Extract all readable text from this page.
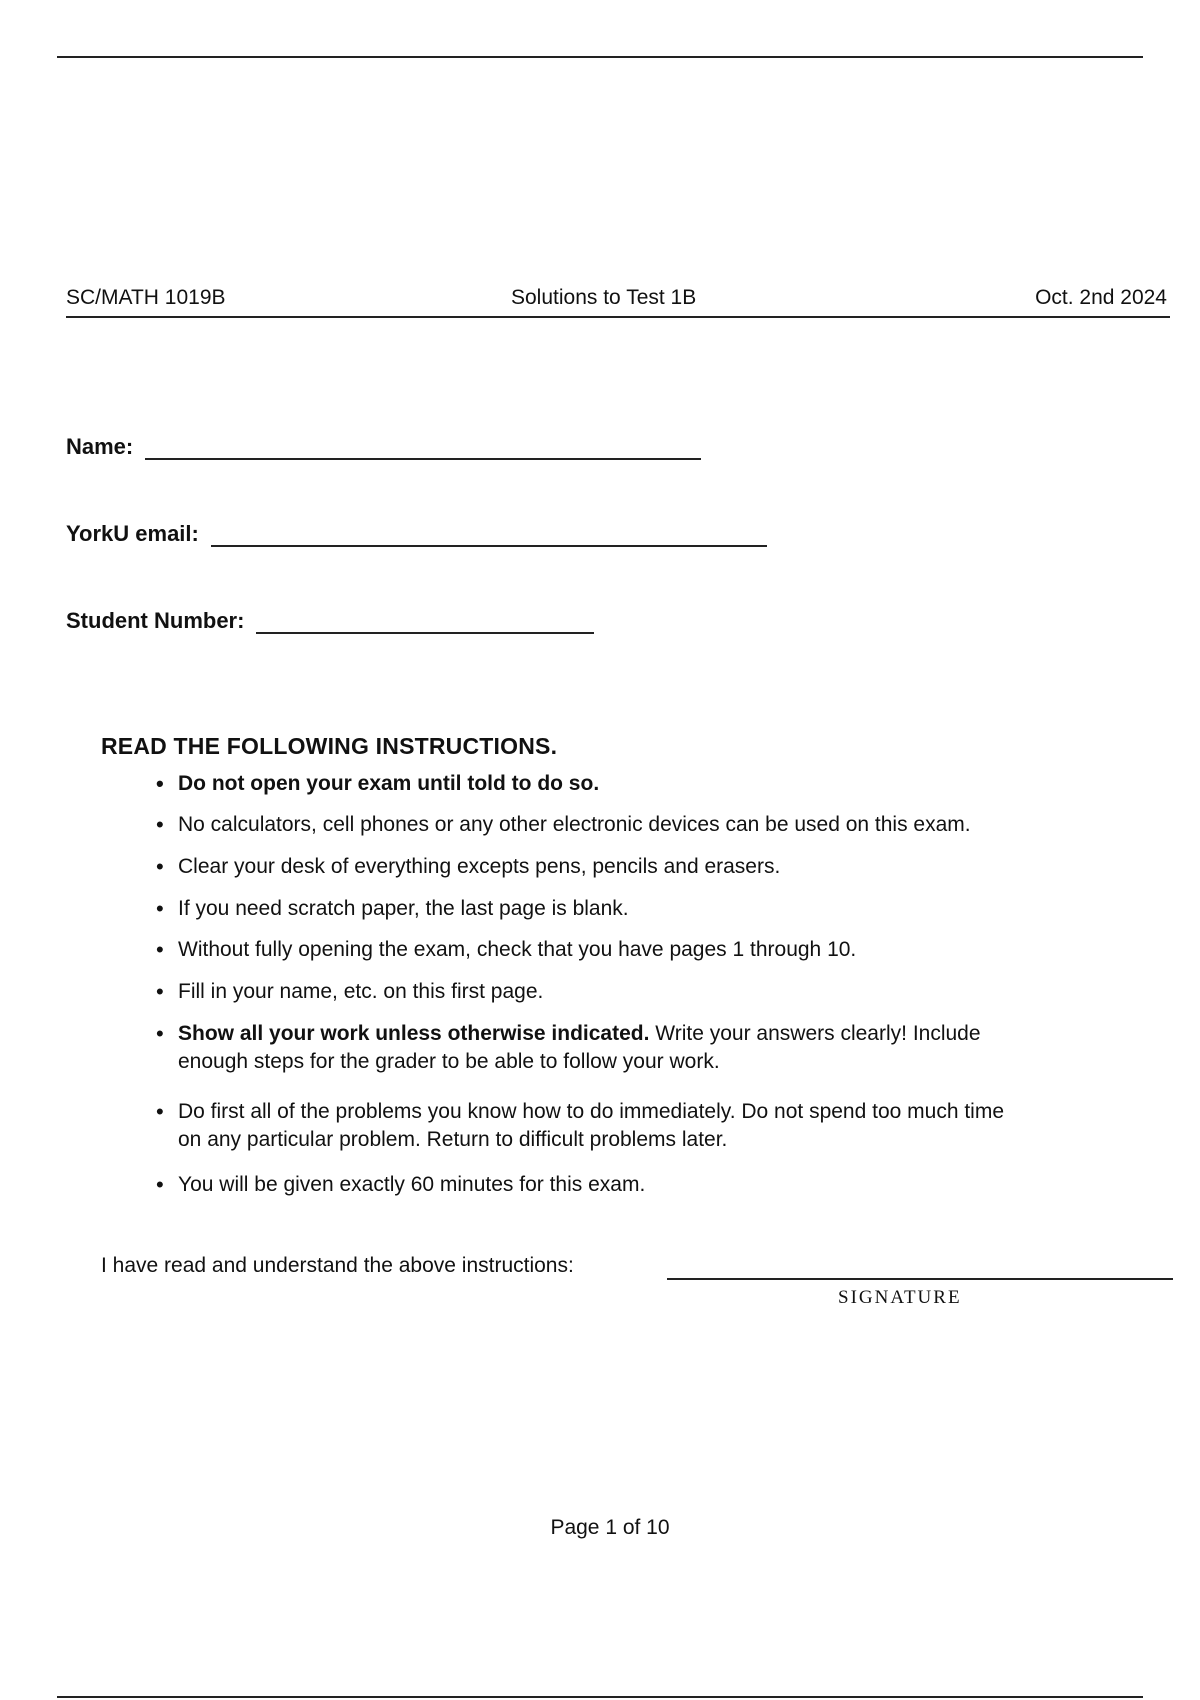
SC/MATH 1019B	Solutions to Test 1B	Oct. 2nd 2024
Name:
YorkU email:
Student Number:
READ THE FOLLOWING INSTRUCTIONS.
• Do not open your exam until told to do so.
• No calculators, cell phones or any other electronic devices can be used on this exam.
• Clear your desk of everything excepts pens, pencils and erasers.
• If you need scratch paper, the last page is blank.
• Without fully opening the exam, check that you have pages 1 through 10.
• Fill in your name, etc. on this first page.
• Show all your work unless otherwise indicated. Write your answers clearly! Include enough steps for the grader to be able to follow your work.
• Do first all of the problems you know how to do immediately. Do not spend too much time on any particular problem. Return to difficult problems later.
• You will be given exactly 60 minutes for this exam.
I have read and understand the above instructions:
SIGNATURE
Page 1 of 10
